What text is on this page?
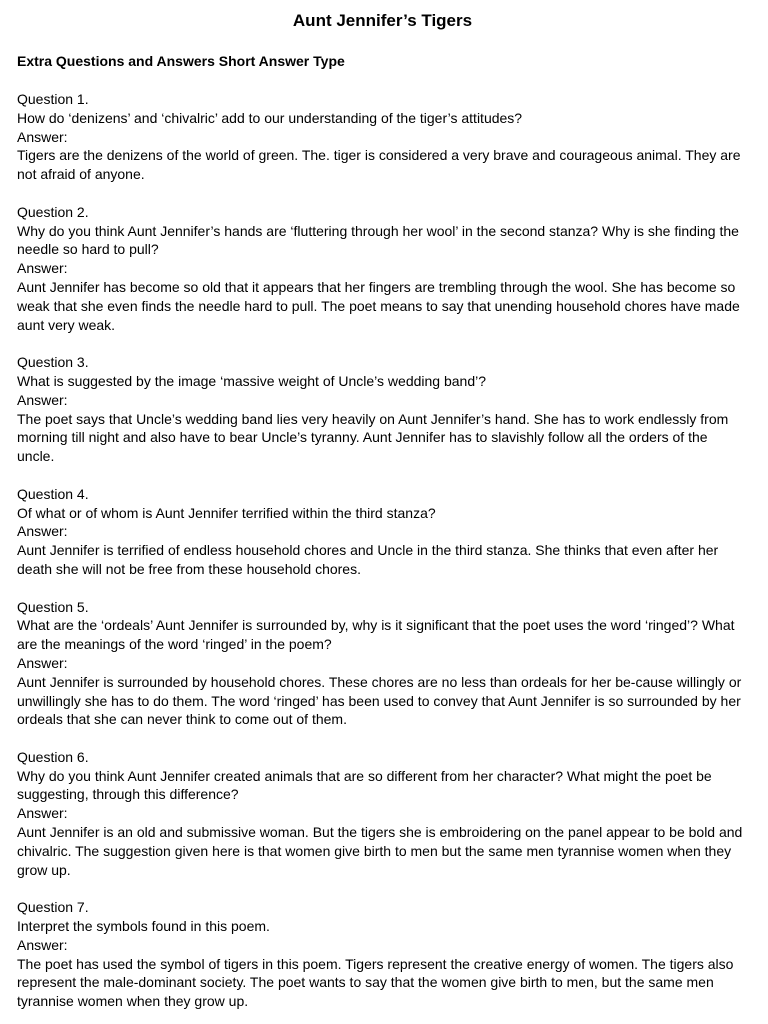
Aunt Jennifer’s Tigers
Extra Questions and Answers Short Answer Type

Question 1.

How do ‘denizens’ and ‘chivalric’ add to our understanding of the tiger’s attitudes?

Answer:

Tigers are the denizens of the world of green. The. tiger is considered a very brave and courageous animal. They are not afraid of anyone.

Question 2.

Why do you think Aunt Jennifer’s hands are ‘fluttering through her wool’ in the second stanza? Why is she finding the needle so hard to pull?

Answer:

Aunt Jennifer has become so old that it appears that her fingers are trembling through the wool. She has become so weak that she even finds the needle hard to pull. The poet means to say that unending household chores have made aunt very weak.

Question 3.

What is suggested by the image ‘massive weight of Uncle’s wedding band’?

Answer:

The poet says that Uncle’s wedding band lies very heavily on Aunt Jennifer’s hand. She has to work endlessly from morning till night and also have to bear Uncle’s tyranny. Aunt Jennifer has to slavishly follow all the orders of the uncle.

Question 4.

Of what or of whom is Aunt Jennifer terrified within the third stanza?

Answer:

Aunt Jennifer is terrified of endless household chores and Uncle in the third stanza. She thinks that even after her death she will not be free from these household chores.

Question 5.

What are the ‘ordeals’ Aunt Jennifer is surrounded by, why is it significant that the poet uses the word ‘ringed’? What are the meanings of the word ‘ringed’ in the poem?

Answer:

Aunt Jennifer is surrounded by household chores. These chores are no less than ordeals for her be-cause willingly or unwillingly she has to do them. The word ‘ringed’ has been used to convey that Aunt Jennifer is so surrounded by her ordeals that she can never think to come out of them.

Question 6.

Why do you think Aunt Jennifer created animals that are so different from her character? What might the poet be suggesting, through this difference?

Answer:

Aunt Jennifer is an old and submissive woman. But the tigers she is embroidering on the panel appear to be bold and chivalric. The suggestion given here is that women give birth to men but the same men tyrannise women when they grow up.

Question 7.

Interpret the symbols found in this poem.

Answer:

The poet has used the symbol of tigers in this poem. Tigers represent the creative energy of women. The tigers also represent the male-dominant society. The poet wants to say that the women give birth to men, but the same men tyrannise women when they grow up.
